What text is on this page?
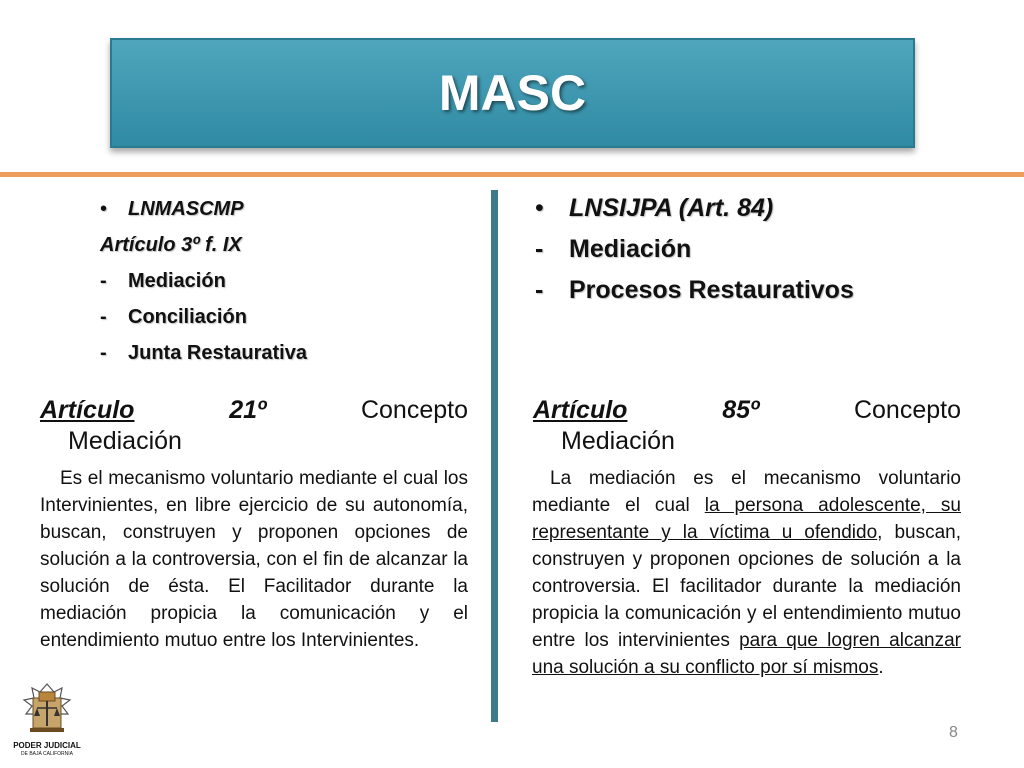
MASC
•	LNMASCMP
Artículo 3º f. IX
-	Mediación
-	Conciliación
-	Junta Restaurativa
•	LNSIJPA (Art. 84)
-	Mediación
-	Procesos Restaurativos
Artículo	21º	Concepto
Mediación
Es el mecanismo voluntario mediante el cual los Intervinientes, en libre ejercicio de su autonomía, buscan, construyen y proponen opciones de solución a la controversia, con el fin de alcanzar la solución de ésta. El Facilitador durante la mediación propicia la comunicación y el entendimiento mutuo entre los Intervinientes.
Artículo	85º	Concepto
Mediación
La mediación es el mecanismo voluntario mediante el cual la persona adolescente, su representante y la víctima u ofendido, buscan, construyen y proponen opciones de solución a la controversia. El facilitador durante la mediación propicia la comunicación y el entendimiento mutuo entre los intervinientes para que logren alcanzar una solución a su conflicto por sí mismos.
8
PODER JUDICIAL
DE BAJA CALIFORNIA
